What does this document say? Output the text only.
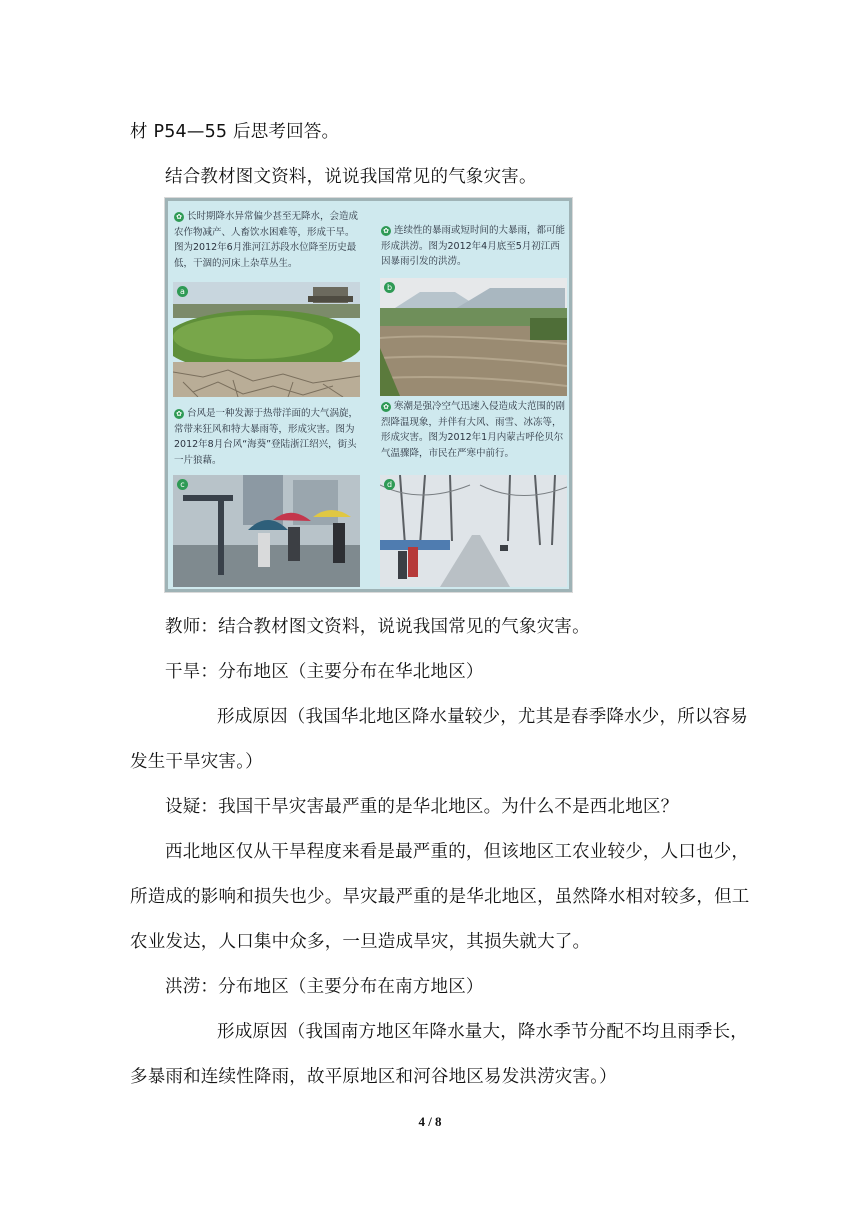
材 P54—55 后思考回答。
结合教材图文资料，说说我国常见的气象灾害。
✿ 长时期降水异常偏少甚至无降水，会造成农作物减产、人畜饮水困难等，形成干旱。图为2012年6月淮河江苏段水位降至历史最低，干涸的河床上杂草丛生。
✿ 连续性的暴雨或短时间的大暴雨，都可能形成洪涝。图为2012年4月底至5月初江西因暴雨引发的洪涝。
a	b
✿ 台风是一种发源于热带洋面的大气涡旋，常带来狂风和特大暴雨等，形成灾害。图为2012年8月台风“海葵”登陆浙江绍兴，街头一片狼藉。
✿ 寒潮是强冷空气迅速入侵造成大范围的剧烈降温现象，并伴有大风、雨雪、冰冻等，形成灾害。图为2012年1月内蒙古呼伦贝尔气温骤降，市民在严寒中前行。
c	d
教师：结合教材图文资料，说说我国常见的气象灾害。
干旱：分布地区（主要分布在华北地区）
形成原因（我国华北地区降水量较少，尤其是春季降水少，所以容易
发生干旱灾害。）
设疑：我国干旱灾害最严重的是华北地区。为什么不是西北地区？
西北地区仅从干旱程度来看是最严重的，但该地区工农业较少，人口也少，
所造成的影响和损失也少。旱灾最严重的是华北地区，虽然降水相对较多，但工
农业发达，人口集中众多，一旦造成旱灾，其损失就大了。
洪涝：分布地区（主要分布在南方地区）
形成原因（我国南方地区年降水量大，降水季节分配不均且雨季长，
多暴雨和连续性降雨，故平原地区和河谷地区易发洪涝灾害。）
4 / 8
